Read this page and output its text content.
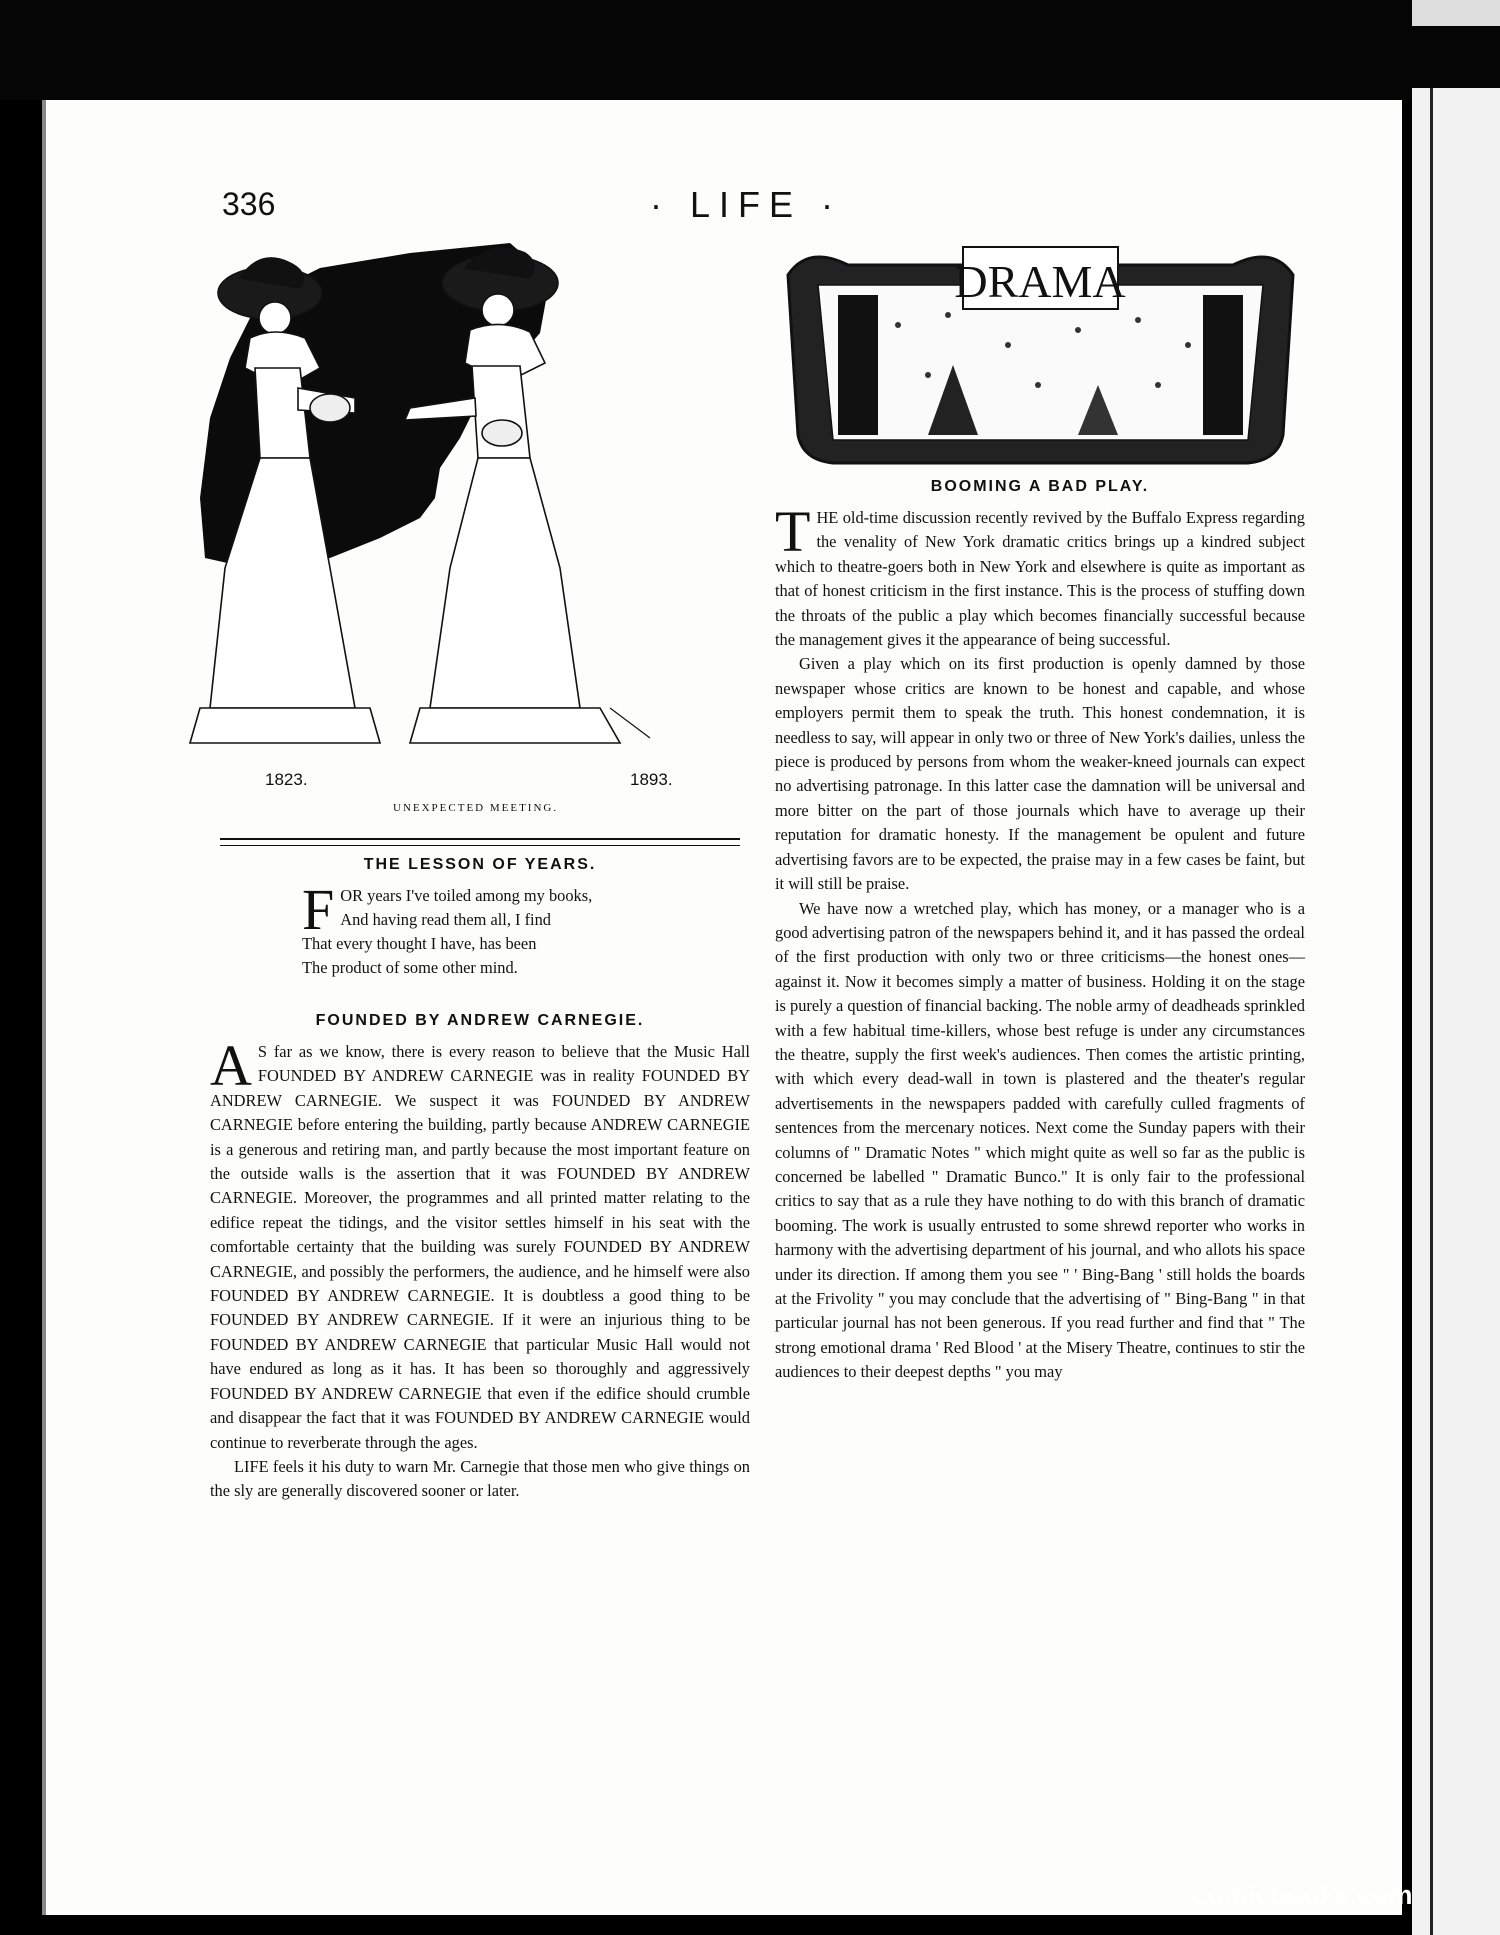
336	· LIFE ·
1823.	1893.
UNEXPECTED MEETING.
THE LESSON OF YEARS.
F OR years I've toiled among my books,
And having read them all, I find
That every thought I have, has been
The product of some other mind.
FOUNDED BY ANDREW CARNEGIE.

A S far as we know, there is every reason to believe that the Music Hall FOUNDED BY ANDREW CARNEGIE was in reality FOUNDED BY ANDREW CARNEGIE. We suspect it was FOUNDED BY ANDREW CARNEGIE before entering the building, partly because ANDREW CARNEGIE is a generous and retiring man, and partly because the most important feature on the outside walls is the assertion that it was FOUNDED BY ANDREW CARNEGIE. Moreover, the programmes and all printed matter relating to the edifice repeat the tidings, and the visitor settles himself in his seat with the comfortable certainty that the building was surely FOUNDED BY ANDREW CARNEGIE, and possibly the performers, the audience, and he himself were also FOUNDED BY ANDREW CARNEGIE. It is doubtless a good thing to be FOUNDED BY ANDREW CARNEGIE. If it were an injurious thing to be FOUNDED BY ANDREW CARNEGIE that particular Music Hall would not have endured as long as it has. It has been so thoroughly and aggressively FOUNDED BY ANDREW CARNEGIE that even if the edifice should crumble and disappear the fact that it was FOUNDED BY ANDREW CARNEGIE would continue to reverberate through the ages.

LIFE feels it his duty to warn Mr. Carnegie that those men who give things on the sly are generally discovered sooner or later.

DRAMA
BOOMING A BAD PLAY.

THE old-time discussion recently revived by the Buffalo Express regarding the venality of New York dramatic critics brings up a kindred subject which to theatre-goers both in New York and elsewhere is quite as important as that of honest criticism in the first instance. This is the process of stuffing down the throats of the public a play which becomes financially successful because the management gives it the appearance of being successful.

Given a play which on its first production is openly damned by those newspaper whose critics are known to be honest and capable, and whose employers permit them to speak the truth. This honest condemnation, it is needless to say, will appear in only two or three of New York's dailies, unless the piece is produced by persons from whom the weaker-kneed journals can expect no advertising patronage. In this latter case the damnation will be universal and more bitter on the part of those journals which have to average up their reputation for dramatic honesty. If the management be opulent and future advertising favors are to be expected, the praise may in a few cases be faint, but it will still be praise.

We have now a wretched play, which has money, or a manager who is a good advertising patron of the newspapers behind it, and it has passed the ordeal of the first production with only two or three criticisms—the honest ones—against it. Now it becomes simply a matter of business. Holding it on the stage is purely a question of financial backing. The noble army of deadheads sprinkled with a few habitual time-killers, whose best refuge is under any circumstances the theatre, supply the first week's audiences. Then comes the artistic printing, with which every dead-wall in town is plastered and the theater's regular advertisements in the newspapers padded with carefully culled fragments of sentences from the mercenary notices. Next come the Sunday papers with their columns of " Dramatic Notes " which might quite as well so far as the public is concerned be labelled " Dramatic Bunco." It is only fair to the professional critics to say that as a rule they have nothing to do with this branch of dramatic booming. The work is usually entrusted to some shrewd reporter who works in harmony with the advertising department of his journal, and who allots his space under its direction. If among them you see " ' Bing-Bang ' still holds the boards at the Frivolity " you may conclude that the advertising of " Bing-Bang " in that particular journal has not been generous. If you read further and find that " The strong emotional drama ' Red Blood ' at the Misery Theatre, continues to stir the audiences to their deepest depths " you may

comicbooks.com
